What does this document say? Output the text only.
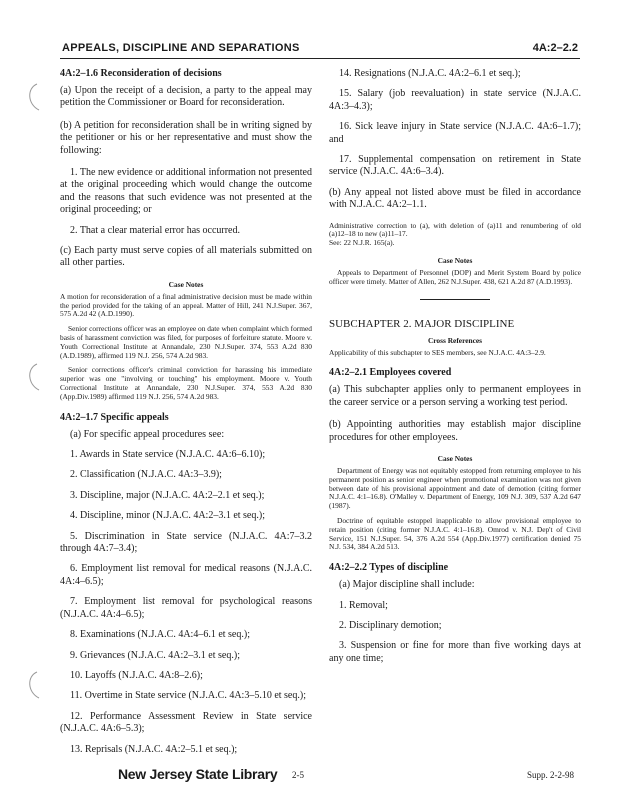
APPEALS, DISCIPLINE AND SEPARATIONS	4A:2–2.2
4A:2–1.6 Reconsideration of decisions
(a) Upon the receipt of a decision, a party to the appeal may petition the Commissioner or Board for reconsideration.
(b) A petition for reconsideration shall be in writing signed by the petitioner or his or her representative and must show the following:
1. The new evidence or additional information not presented at the original proceeding which would change the outcome and the reasons that such evidence was not presented at the original proceeding; or
2. That a clear material error has occurred.
(c) Each party must serve copies of all materials submitted on all other parties.
Case Notes
A motion for reconsideration of a final administrative decision must be made within the period provided for the taking of an appeal. Matter of Hill, 241 N.J.Super. 367, 575 A.2d 42 (A.D.1990).
Senior corrections officer was an employee on date when complaint which formed basis of harassment conviction was filed, for purposes of forfeiture statute. Moore v. Youth Correctional Institute at Annandale, 230 N.J.Super. 374, 553 A.2d 830 (A.D.1989), affirmed 119 N.J. 256, 574 A.2d 983.
Senior corrections officer's criminal conviction for harassing his immediate superior was one "involving or touching" his employment. Moore v. Youth Correctional Institute at Annandale, 230 N.J.Super. 374, 553 A.2d 830 (App.Div.1989) affirmed 119 N.J. 256, 574 A.2d 983.
4A:2–1.7 Specific appeals
(a) For specific appeal procedures see:
1. Awards in State service (N.J.A.C. 4A:6–6.10);
2. Classification (N.J.A.C. 4A:3–3.9);
3. Discipline, major (N.J.A.C. 4A:2–2.1 et seq.);
4. Discipline, minor (N.J.A.C. 4A:2–3.1 et seq.);
5. Discrimination in State service (N.J.A.C. 4A:7–3.2 through 4A:7–3.4);
6. Employment list removal for medical reasons (N.J.A.C. 4A:4–6.5);
7. Employment list removal for psychological reasons (N.J.A.C. 4A:4–6.5);
8. Examinations (N.J.A.C. 4A:4–6.1 et seq.);
9. Grievances (N.J.A.C. 4A:2–3.1 et seq.);
10. Layoffs (N.J.A.C. 4A:8–2.6);
11. Overtime in State service (N.J.A.C. 4A:3–5.10 et seq.);
12. Performance Assessment Review in State service (N.J.A.C. 4A:6–5.3);
13. Reprisals (N.J.A.C. 4A:2–5.1 et seq.);
14. Resignations (N.J.A.C. 4A:2–6.1 et seq.);
15. Salary (job reevaluation) in state service (N.J.A.C. 4A:3–4.3);
16. Sick leave injury in State service (N.J.A.C. 4A:6–1.7); and
17. Supplemental compensation on retirement in State service (N.J.A.C. 4A:6–3.4).
(b) Any appeal not listed above must be filed in accordance with N.J.A.C. 4A:2–1.1.
Administrative correction to (a), with deletion of (a)11 and renumbering of old (a)12–18 to new (a)11–17.
See: 22 N.J.R. 165(a).
Case Notes
Appeals to Department of Personnel (DOP) and Merit System Board by police officer were timely. Matter of Allen, 262 N.J.Super. 438, 621 A.2d 87 (A.D.1993).
SUBCHAPTER 2. MAJOR DISCIPLINE
Cross References
Applicability of this subchapter to SES members, see N.J.A.C. 4A:3–2.9.
4A:2–2.1 Employees covered
(a) This subchapter applies only to permanent employees in the career service or a person serving a working test period.
(b) Appointing authorities may establish major discipline procedures for other employees.
Case Notes
Department of Energy was not equitably estopped from returning employee to his permanent position as senior engineer when promotional examination was not given between date of his provisional appointment and date of demotion (citing former N.J.A.C. 4:1–16.8). O'Malley v. Department of Energy, 109 N.J. 309, 537 A.2d 647 (1987).
Doctrine of equitable estoppel inapplicable to allow provisional employee to retain position (citing former N.J.A.C. 4:1–16.8). Omrod v. N.J. Dep't of Civil Service, 151 N.J.Super. 54, 376 A.2d 554 (App.Div.1977) certification denied 75 N.J. 534, 384 A.2d 513.
4A:2–2.2 Types of discipline
(a) Major discipline shall include:
1. Removal;
2. Disciplinary demotion;
3. Suspension or fine for more than five working days at any one time;
New Jersey State Library 2-5	Supp. 2-2-98
